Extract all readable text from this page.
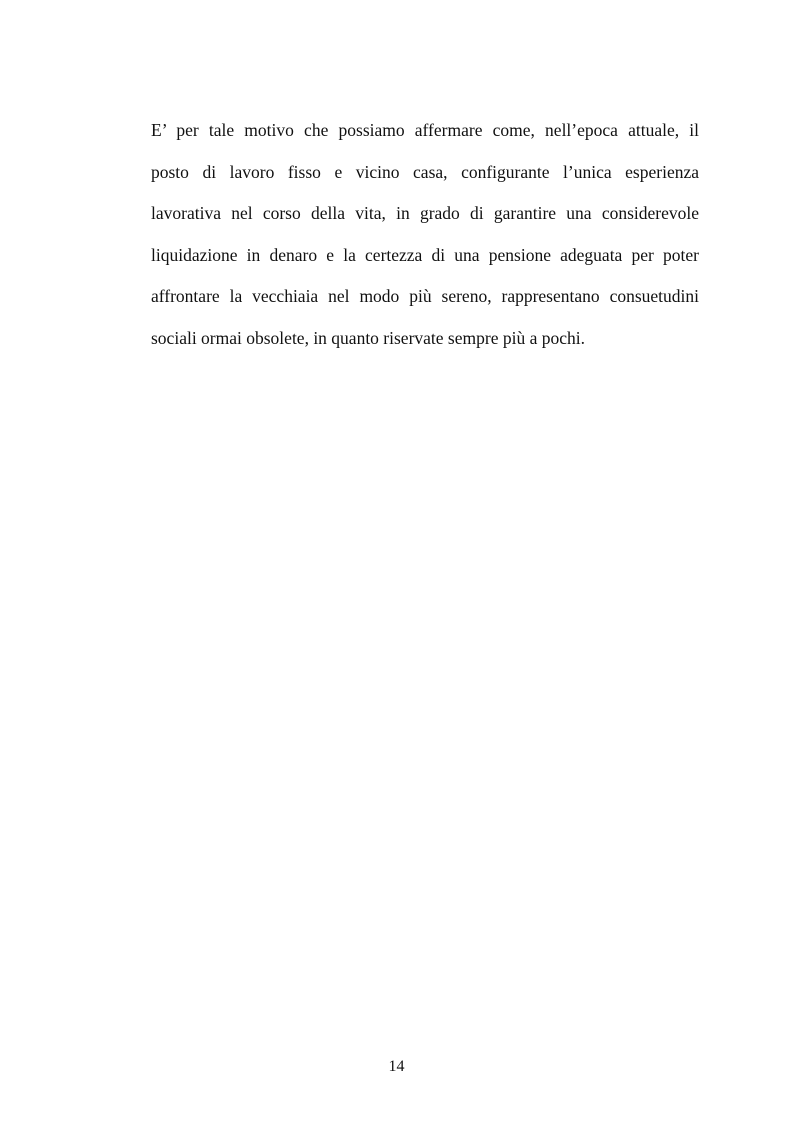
E’ per tale motivo che possiamo affermare come, nell’epoca attuale, il
posto di lavoro fisso e vicino casa, configurante l’unica esperienza
lavorativa nel corso della vita, in grado di garantire una considerevole
liquidazione in denaro e la certezza di una pensione adeguata per poter
affrontare la vecchiaia nel modo più sereno, rappresentano consuetudini
sociali ormai obsolete, in quanto riservate sempre più a pochi.

14
